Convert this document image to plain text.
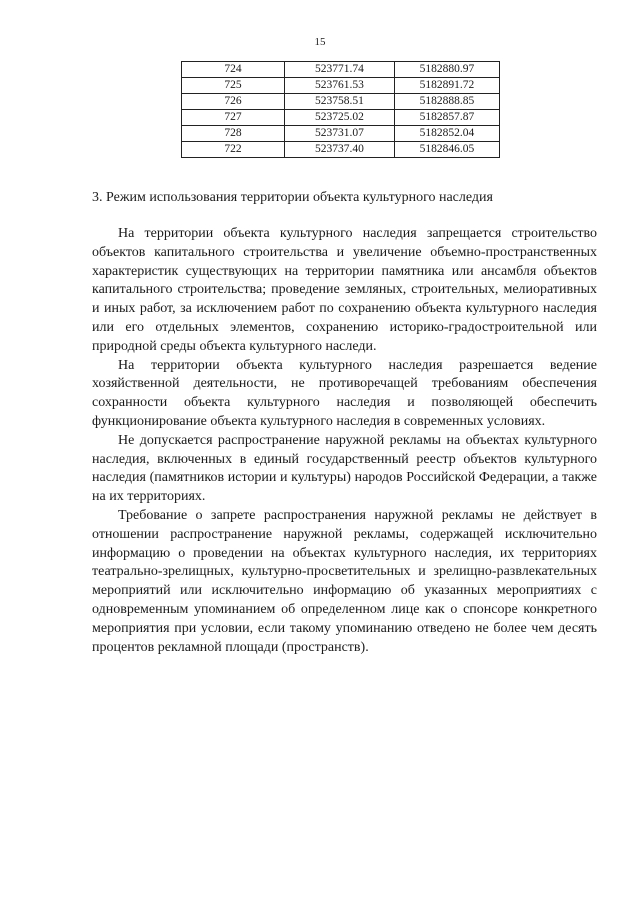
15
724	523771.74	5182880.97
725	523761.53	5182891.72
726	523758.51	5182888.85
727	523725.02	5182857.87
728	523731.07	5182852.04
722	523737.40	5182846.05
3. Режим использования территории объекта культурного наследия

На территории объекта культурного наследия запрещается строительство объектов капитального строительства и увеличение объемно-пространственных характеристик существующих на территории памятника или ансамбля объектов капитального строительства; проведение земляных, строительных, мелиоративных и иных работ, за исключением работ по сохранению объекта культурного наследия или его отдельных элементов, сохранению историко-градостроительной или природной среды объекта культурного наследи.

На территории объекта культурного наследия разрешается ведение хозяйственной деятельности, не противоречащей требованиям обеспечения сохранности объекта культурного наследия и позволяющей обеспечить функционирование объекта культурного наследия в современных условиях.

Не допускается распространение наружной рекламы на объектах культурного наследия, включенных в единый государственный реестр объектов культурного наследия (памятников истории и культуры) народов Российской Федерации, а также на их территориях.

Требование о запрете распространения наружной рекламы не действует в отношении распространение наружной рекламы, содержащей исключительно информацию о проведении на объектах культурного наследия, их территориях театрально-зрелищных, культурно-просветительных и зрелищно-развлекательных мероприятий или исключительно информацию об указанных мероприятиях с одновременным упоминанием об определенном лице как о спонсоре конкретного мероприятия при условии, если такому упоминанию отведено не более чем десять процентов рекламной площади (пространств).
